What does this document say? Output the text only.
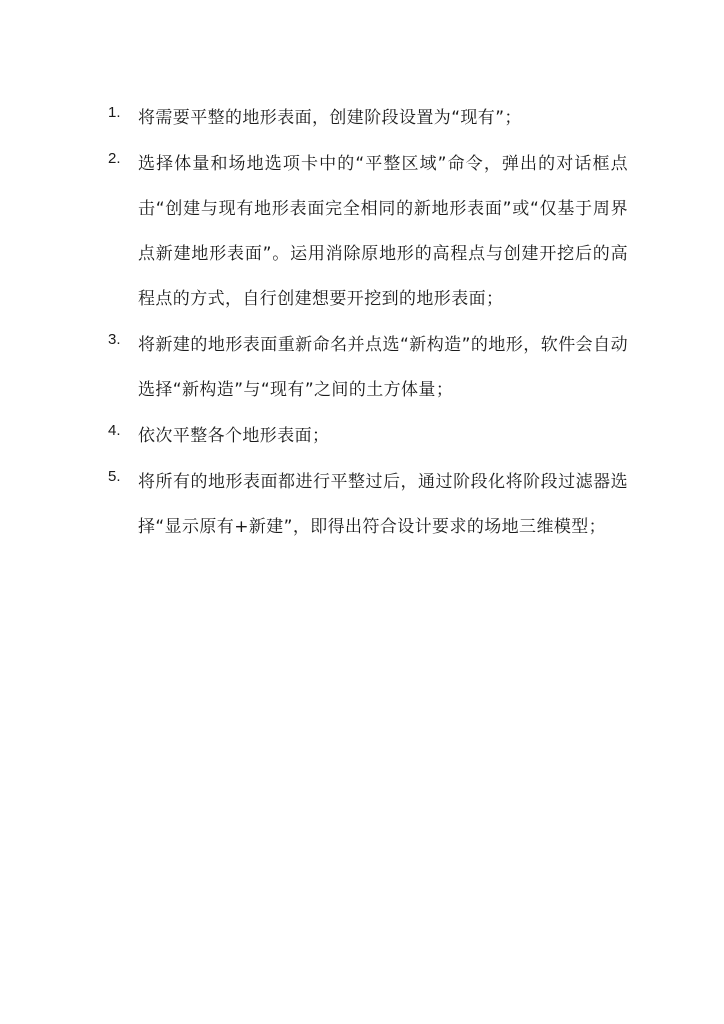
1. 将需要平整的地形表面，创建阶段设置为“现有”；
2. 选择体量和场地选项卡中的“平整区域”命令，弹出的对话框点击“创建与现有地形表面完全相同的新地形表面”或“仅基于周界点新建地形表面”。运用消除原地形的高程点与创建开挖后的高程点的方式，自行创建想要开挖到的地形表面；
3. 将新建的地形表面重新命名并点选“新构造”的地形，软件会自动选择“新构造”与“现有”之间的土方体量；
4. 依次平整各个地形表面；
5. 将所有的地形表面都进行平整过后，通过阶段化将阶段过滤器选择“显示原有+新建”，即得出符合设计要求的场地三维模型；
